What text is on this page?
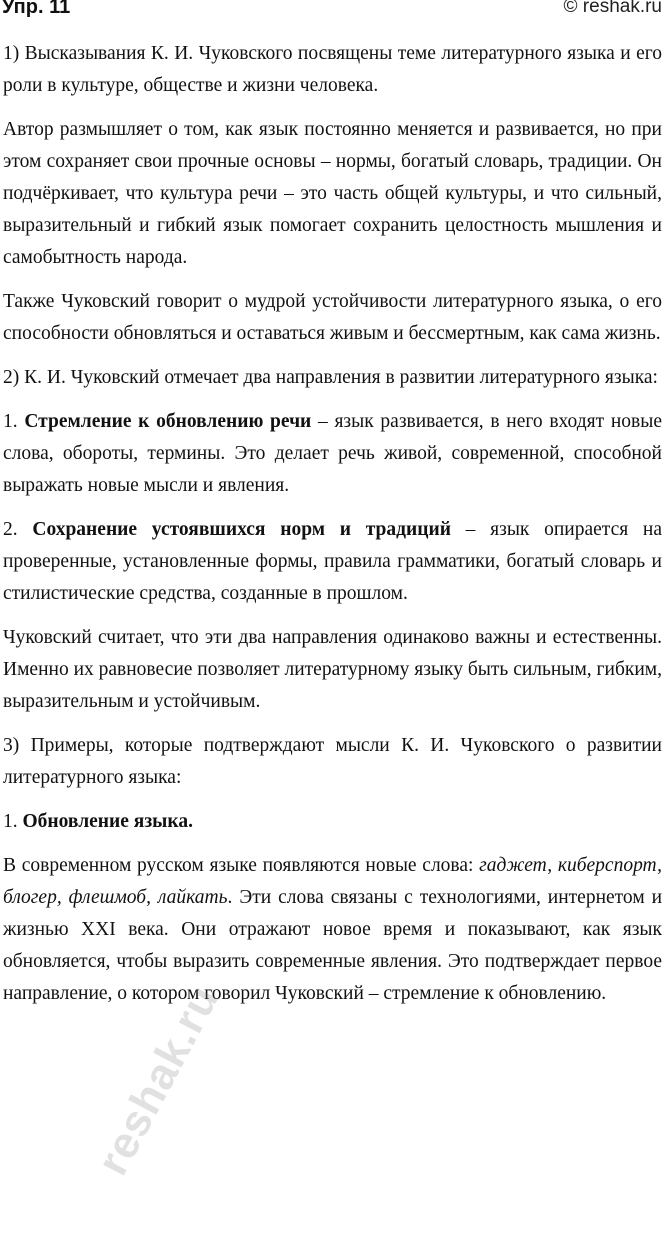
Упр. 11	© reshak.ru

1) Высказывания К. И. Чуковского посвящены теме литературного языка и его роли в культуре, обществе и жизни человека.

Автор размышляет о том, как язык постоянно меняется и развивается, но при этом сохраняет свои прочные основы – нормы, богатый словарь, традиции. Он подчёркивает, что культура речи – это часть общей культуры, и что сильный, выразительный и гибкий язык помогает сохранить целостность мышления и самобытность народа.

Также Чуковский говорит о мудрой устойчивости литературного языка, о его способности обновляться и оставаться живым и бессмертным, как сама жизнь.

2) К. И. Чуковский отмечает два направления в развитии литературного языка:

1. Стремление к обновлению речи – язык развивается, в него входят новые слова, обороты, термины. Это делает речь живой, современной, способной выражать новые мысли и явления.

2. Сохранение устоявшихся норм и традиций – язык опирается на проверенные, установленные формы, правила грамматики, богатый словарь и стилистические средства, созданные в прошлом.

Чуковский считает, что эти два направления одинаково важны и естественны. Именно их равновесие позволяет литературному языку быть сильным, гибким, выразительным и устойчивым.

3) Примеры, которые подтверждают мысли К. И. Чуковского о развитии литературного языка:

1. Обновление языка.

В современном русском языке появляются новые слова: гаджет, киберспорт, блогер, флешмоб, лайкать. Эти слова связаны с технологиями, интернетом и жизнью XXI века. Они отражают новое время и показывают, как язык обновляется, чтобы выразить современные явления. Это подтверждает первое направление, о котором говорил Чуковский – стремление к обновлению.

reshak.ru
